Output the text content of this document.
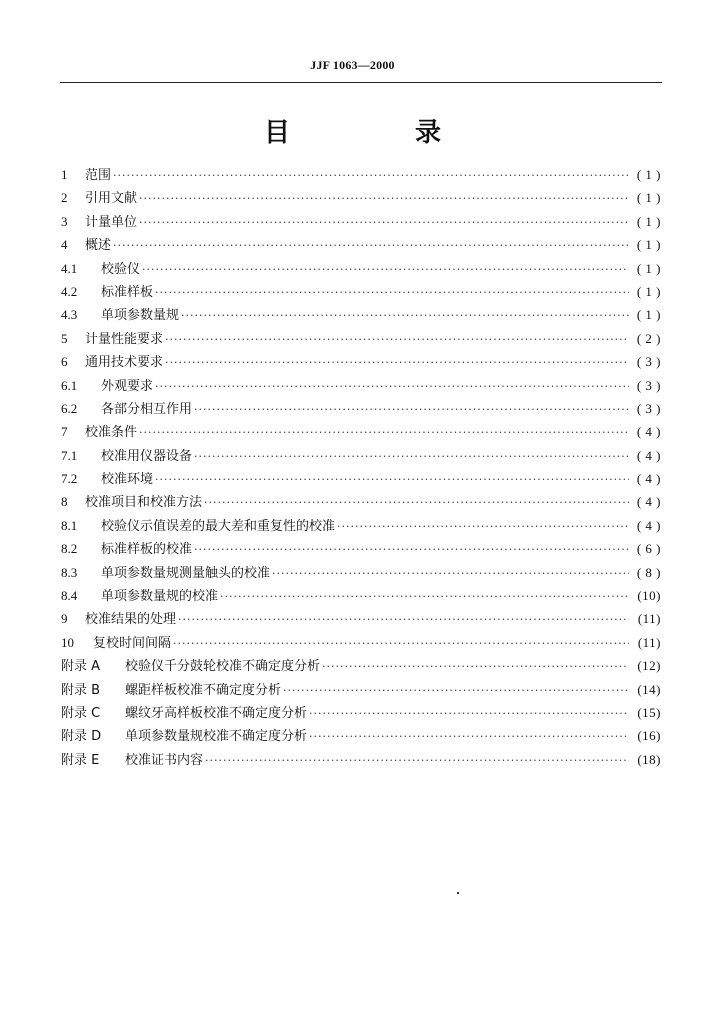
JJF 1063—2000
目 录
1	范围 ·····	( 1 )
2	引用文献 ·····	( 1 )
3	计量单位 ·····	( 1 )
4	概述 ·····	( 1 )
4.1	校验仪 ·····	( 1 )
4.2	标准样板 ·····	( 1 )
4.3	单项参数量规 ·····	( 1 )
5	计量性能要求 ·····	( 2 )
6	通用技术要求 ·····	( 3 )
6.1	外观要求 ·····	( 3 )
6.2	各部分相互作用 ·····	( 3 )
7	校准条件 ·····	( 4 )
7.1	校准用仪器设备 ·····	( 4 )
7.2	校准环境 ·····	( 4 )
8	校准项目和校准方法 ·····	( 4 )
8.1	校验仪示值误差的最大差和重复性的校准 ·····	( 4 )
8.2	标准样板的校准 ·····	( 6 )
8.3	单项参数量规测量触头的校准 ·····	( 8 )
8.4	单项参数量规的校准 ·····	(10)
9	校准结果的处理 ·····	(11)
10	复校时间间隔 ·····	(11)
附录 A	校验仪千分鼓轮校准不确定度分析 ·····	(12)
附录 B	螺距样板校准不确定度分析 ·····	(14)
附录 C	螺纹牙高样板校准不确定度分析 ·····	(15)
附录 D	单项参数量规校准不确定度分析 ·····	(16)
附录 E	校准证书内容 ·····	(18)
